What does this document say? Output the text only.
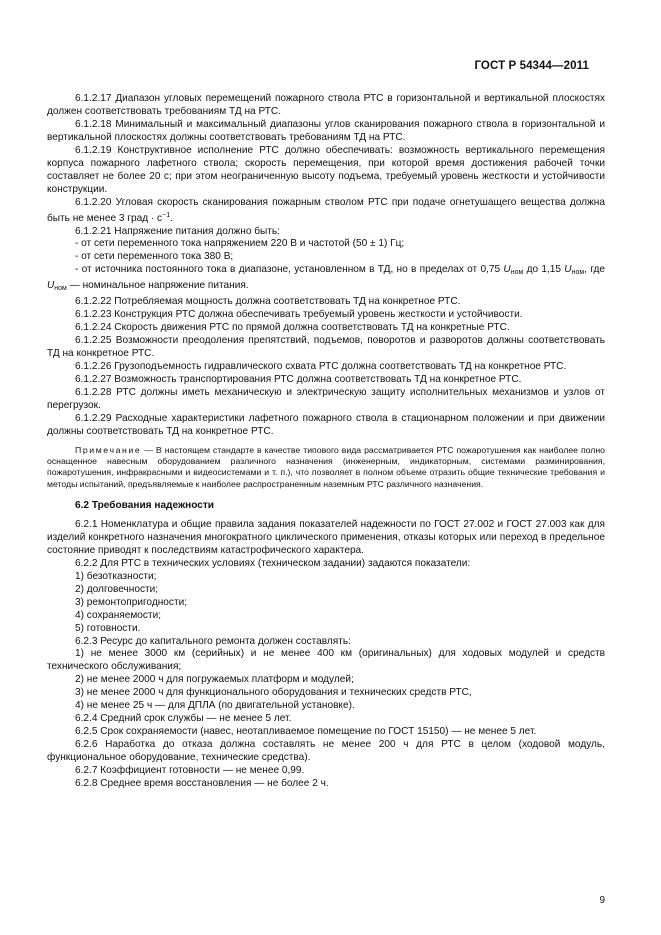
ГОСТ Р 54344—2011

6.1.2.17 Диапазон угловых перемещений пожарного ствола РТС в горизонтальной и вертикальной плоскостях должен соответствовать требованиям ТД на РТС.

6.1.2.18 Минимальный и максимальный диапазоны углов сканирования пожарного ствола в горизонтальной и вертикальной плоскостях должны соответствовать требованиям ТД на РТС.

6.1.2.19 Конструктивное исполнение РТС должно обеспечивать: возможность вертикального перемещения корпуса пожарного лафетного ствола; скорость перемещения, при которой время достижения рабочей точки составляет не более 20 с; при этом неограниченную высоту подъема, требуемый уровень жесткости и устойчивости конструкции.

6.1.2.20 Угловая скорость сканирования пожарным стволом РТС при подаче огнетушащего вещества должна быть не менее 3 град · $с^{-1}$.

6.1.2.21 Напряжение питания должно быть:

- от сети переменного тока напряжением 220 В и частотой (50 ± 1) Гц;

- от сети переменного тока 380 В;

- от источника постоянного тока в диапазоне, установленном в ТД, но в пределах от 0,75 $U_{ном}$ до 1,15 $U_{ном}$, где $U_{ном}$ — номинальное напряжение питания.

6.1.2.22 Потребляемая мощность должна соответствовать ТД на конкретное РТС.

6.1.2.23 Конструкция РТС должна обеспечивать требуемый уровень жесткости и устойчивости.

6.1.2.24 Скорость движения РТС по прямой должна соответствовать ТД на конкретные РТС.

6.1.2.25 Возможности преодоления препятствий, подъемов, поворотов и разворотов должны соответствовать ТД на конкретное РТС.

6.1.2.26 Грузоподъемность гидравлического схвата РТС должна соответствовать ТД на конкретное РТС.

6.1.2.27 Возможность транспортирования РТС должна соответствовать ТД на конкретное РТС.

6.1.2.28 РТС должны иметь механическую и электрическую защиту исполнительных механизмов и узлов от перегрузок.

6.1.2.29 Расходные характеристики лафетного пожарного ствола в стационарном положении и при движении должны соответствовать ТД на конкретное РТС.

Примечание — В настоящем стандарте в качестве типового вида рассматривается РТС пожаротушения как наиболее полно оснащенное навесным оборудованием различного назначения (инженерным, индикаторным, системами разминирования, пожаротушения, инфракрасными и видеосистемами и т. п.), что позволяет в полном объеме отразить общие технические требования и методы испытаний, предъявляемые к наиболее распространенным наземным РТС различного назначения.

6.2 Требования надежности

6.2.1 Номенклатура и общие правила задания показателей надежности по ГОСТ 27.002 и ГОСТ 27.003 как для изделий конкретного назначения многократного циклического применения, отказы которых или переход в предельное состояние приводят к последствиям катастрофического характера.

6.2.2 Для РТС в технических условиях (техническом задании) задаются показатели:

1) безотказности;

2) долговечности;

3) ремонтопригодности;

4) сохраняемости;

5) готовности.

6.2.3 Ресурс до капитального ремонта должен составлять:

1) не менее 3000 км (серийных) и не менее 400 км (оригинальных) для ходовых модулей и средств технического обслуживания;

2) не менее 2000 ч для погружаемых платформ и модулей;

3) не менее 2000 ч для функционального оборудования и технических средств РТС,

4) не менее 25 ч — для ДПЛА (по двигательной установке).

6.2.4 Средний срок службы — не менее 5 лет.

6.2.5 Срок сохраняемости (навес, неотапливаемое помещение по ГОСТ 15150) — не менее 5 лет.

6.2.6 Наработка до отказа должна составлять не менее 200 ч для РТС в целом (ходовой модуль, функциональное оборудование, технические средства).

6.2.7 Коэффициент готовности — не менее 0,99.

6.2.8 Среднее время восстановления — не более 2 ч.

9
